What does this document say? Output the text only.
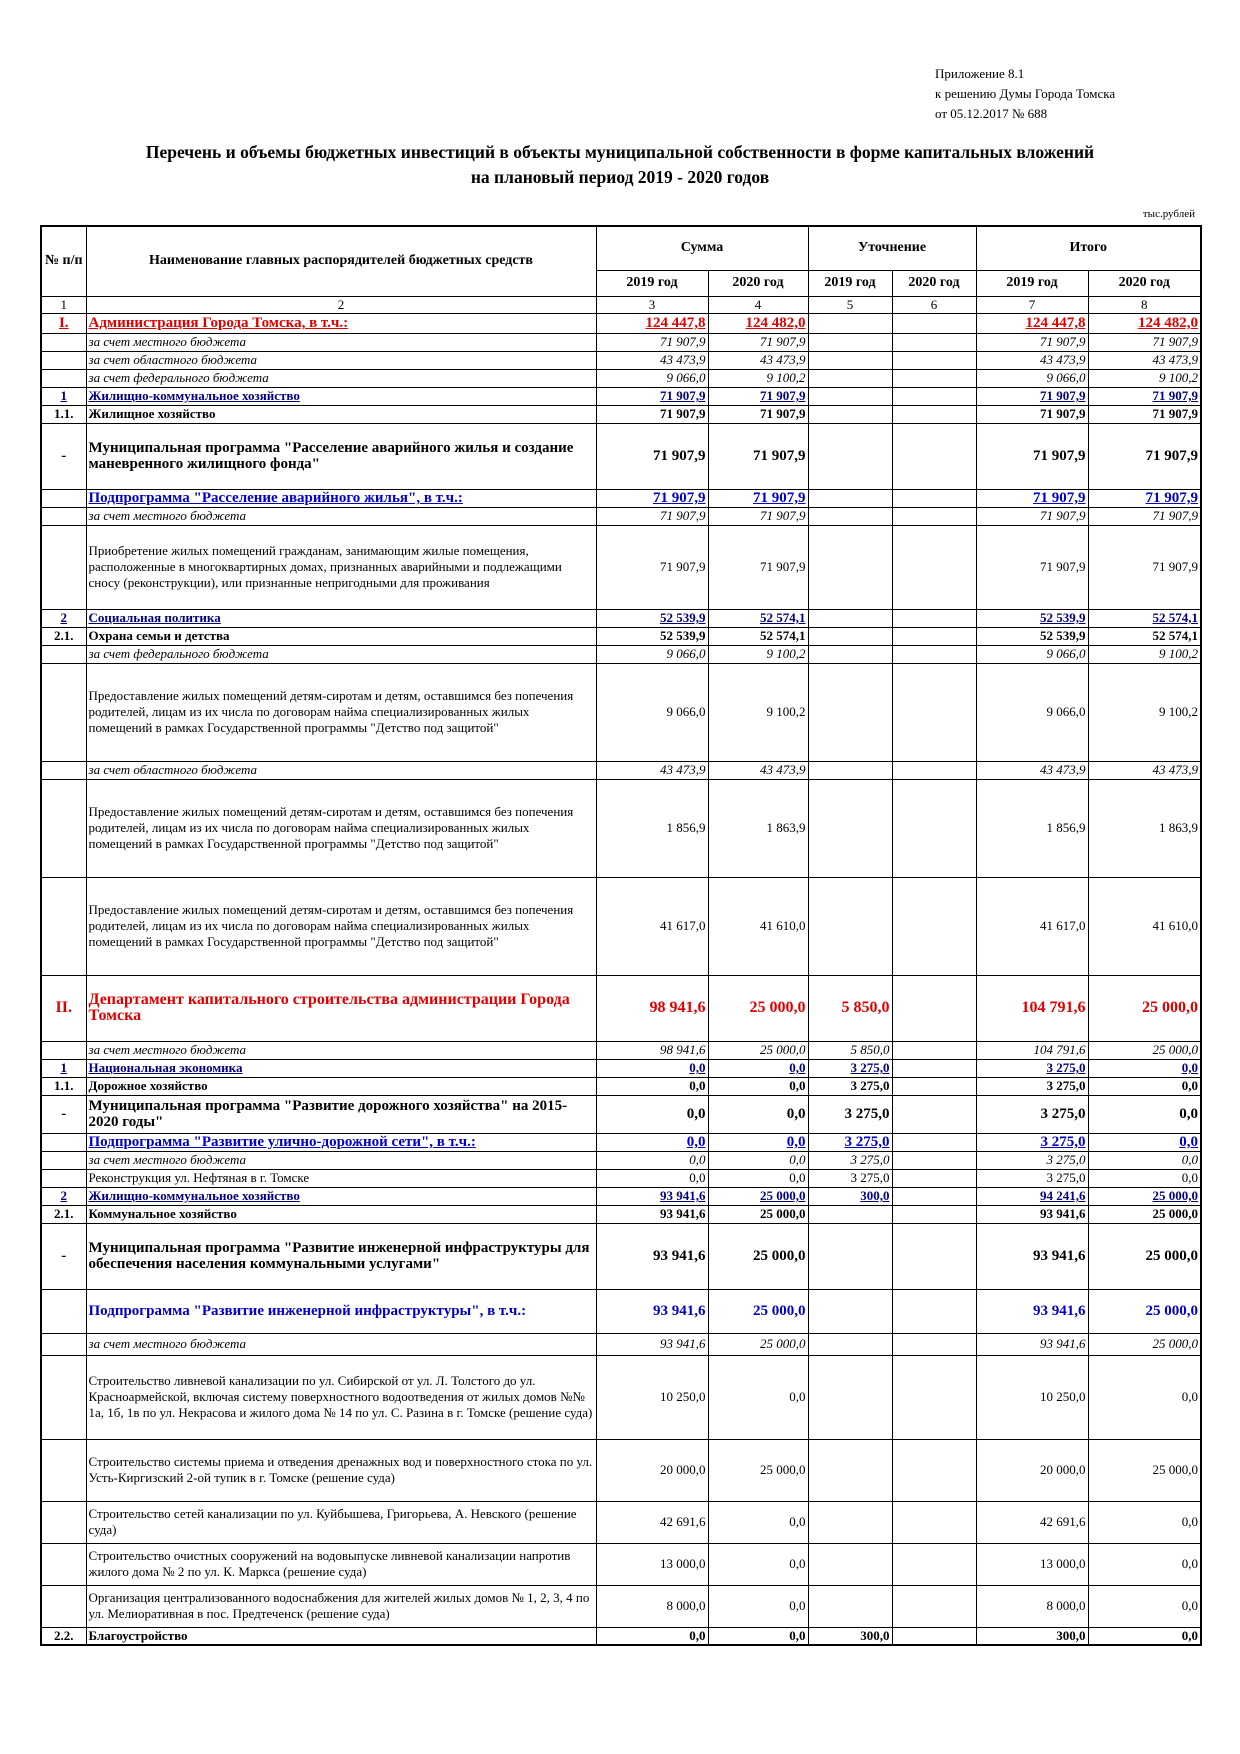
Приложение 8.1
к решению Думы Города Томска
от 05.12.2017 № 688
Перечень и объемы бюджетных инвестиций в объекты муниципальной собственности в форме капитальных вложений
на плановый период 2019 - 2020 годов
тыс.рублей
№ п/п	Наименование главных распорядителей бюджетных средств	Сумма		Уточнение		Итого	
		2019 год	2020 год	2019 год	2020 год	2019 год	2020 год
1	2	3	4	5	6	7	8
I.	Администрация Города Томска, в т.ч.:	124 447,8	124 482,0			124 447,8	124 482,0
	за счет местного бюджета	71 907,9	71 907,9			71 907,9	71 907,9
	за счет областного бюджета	43 473,9	43 473,9			43 473,9	43 473,9
	за счет федерального бюджета	9 066,0	9 100,2			9 066,0	9 100,2
1	Жилищно-коммунальное хозяйство	71 907,9	71 907,9			71 907,9	71 907,9
1.1.	Жилищное хозяйство	71 907,9	71 907,9			71 907,9	71 907,9
-	Муниципальная программа "Расселение аварийного жилья и создание маневренного жилищного фонда"	71 907,9	71 907,9			71 907,9	71 907,9
	Подпрограмма "Расселение аварийного жилья", в т.ч.:	71 907,9	71 907,9			71 907,9	71 907,9
	за счет местного бюджета	71 907,9	71 907,9			71 907,9	71 907,9
	Приобретение жилых помещений гражданам, занимающим жилые помещения, расположенные в многоквартирных домах, признанных аварийными и подлежащими сносу (реконструкции), или признанные непригодными для проживания	71 907,9	71 907,9			71 907,9	71 907,9
2	Социальная политика	52 539,9	52 574,1			52 539,9	52 574,1
2.1.	Охрана семьи и детства	52 539,9	52 574,1			52 539,9	52 574,1
	за счет федерального бюджета	9 066,0	9 100,2			9 066,0	9 100,2
	Предоставление жилых помещений детям-сиротам и детям, оставшимся без попечения родителей, лицам из их числа по договорам найма специализированных жилых помещений в рамках Государственной программы "Детство под защитой"	9 066,0	9 100,2			9 066,0	9 100,2
	за счет областного бюджета	43 473,9	43 473,9			43 473,9	43 473,9
	Предоставление жилых помещений детям-сиротам и детям, оставшимся без попечения родителей, лицам из их числа по договорам найма специализированных жилых помещений в рамках Государственной программы "Детство под защитой"	1 856,9	1 863,9			1 856,9	1 863,9
	Предоставление жилых помещений детям-сиротам и детям, оставшимся без попечения родителей, лицам из их числа по договорам найма специализированных жилых помещений в рамках Государственной программы "Детство под защитой"	41 617,0	41 610,0			41 617,0	41 610,0
II.	Департамент капитального строительства администрации Города Томска	98 941,6	25 000,0	5 850,0		104 791,6	25 000,0
	за счет местного бюджета	98 941,6	25 000,0	5 850,0		104 791,6	25 000,0
1	Национальная экономика	0,0	0,0	3 275,0		3 275,0	0,0
1.1.	Дорожное хозяйство	0,0	0,0	3 275,0		3 275,0	0,0
-	Муниципальная программа "Развитие дорожного хозяйства" на 2015-2020 годы"	0,0	0,0	3 275,0		3 275,0	0,0
	Подпрограмма "Развитие улично-дорожной сети", в т.ч.:	0,0	0,0	3 275,0		3 275,0	0,0
	за счет местного бюджета	0,0	0,0	3 275,0		3 275,0	0,0
	Реконструкция ул. Нефтяная в г. Томске	0,0	0,0	3 275,0		3 275,0	0,0
2	Жилищно-коммунальное хозяйство	93 941,6	25 000,0	300,0		94 241,6	25 000,0
2.1.	Коммунальное хозяйство	93 941,6	25 000,0			93 941,6	25 000,0
-	Муниципальная программа "Развитие инженерной инфраструктуры для обеспечения населения коммунальными услугами"	93 941,6	25 000,0			93 941,6	25 000,0
	Подпрограмма "Развитие инженерной инфраструктуры", в т.ч.:	93 941,6	25 000,0			93 941,6	25 000,0
	за счет местного бюджета	93 941,6	25 000,0			93 941,6	25 000,0
	Строительство ливневой канализации по ул. Сибирской от ул. Л. Толстого до ул. Красноармейской, включая систему поверхностного водоотведения от жилых домов №№ 1а, 1б, 1в по ул. Некрасова и жилого дома № 14 по ул. С. Разина в г. Томске (решение суда)	10 250,0	0,0			10 250,0	0,0
	Строительство системы приема и отведения дренажных вод и поверхностного стока по ул. Усть-Киргизский 2-ой тупик в г. Томске (решение суда)	20 000,0	25 000,0			20 000,0	25 000,0
	Строительство сетей канализации по ул. Куйбышева, Григорьева, А. Невского (решение суда)	42 691,6	0,0			42 691,6	0,0
	Строительство очистных сооружений на водовыпуске ливневой канализации напротив жилого дома № 2 по ул. К. Маркса (решение суда)	13 000,0	0,0			13 000,0	0,0
	Организация централизованного водоснабжения для жителей жилых домов № 1, 2, 3, 4 по ул. Мелиоративная в пос. Предтеченск (решение суда)	8 000,0	0,0			8 000,0	0,0
2.2.	Благоустройство	0,0	0,0	300,0		300,0	0,0
